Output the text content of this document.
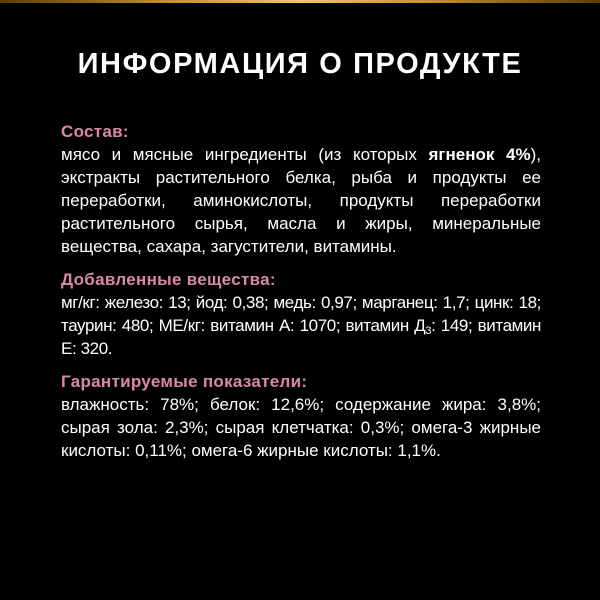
ИНФОРМАЦИЯ О ПРОДУКТЕ
Состав:
мясо и мясные ингредиенты (из которых ягненок 4%), экстракты растительного белка, рыба и продукты ее переработки, аминокислоты, продукты переработки растительного сырья, масла и жиры, минеральные вещества, сахара, загустители, витамины.
Добавленные вещества:
мг/кг: железо: 13; йод: 0,38; медь: 0,97; марганец: 1,7; цинк: 18; таурин: 480; МЕ/кг: витамин А: 1070; витамин $Д_3$: 149; витамин Е: 320.
Гарантируемые показатели:
влажность: 78%; белок: 12,6%; содержание жира: 3,8%; сырая зола: 2,3%; сырая клетчатка: 0,3%; омега-3 жирные кислоты: 0,11%; омега-6 жирные кислоты: 1,1%.
